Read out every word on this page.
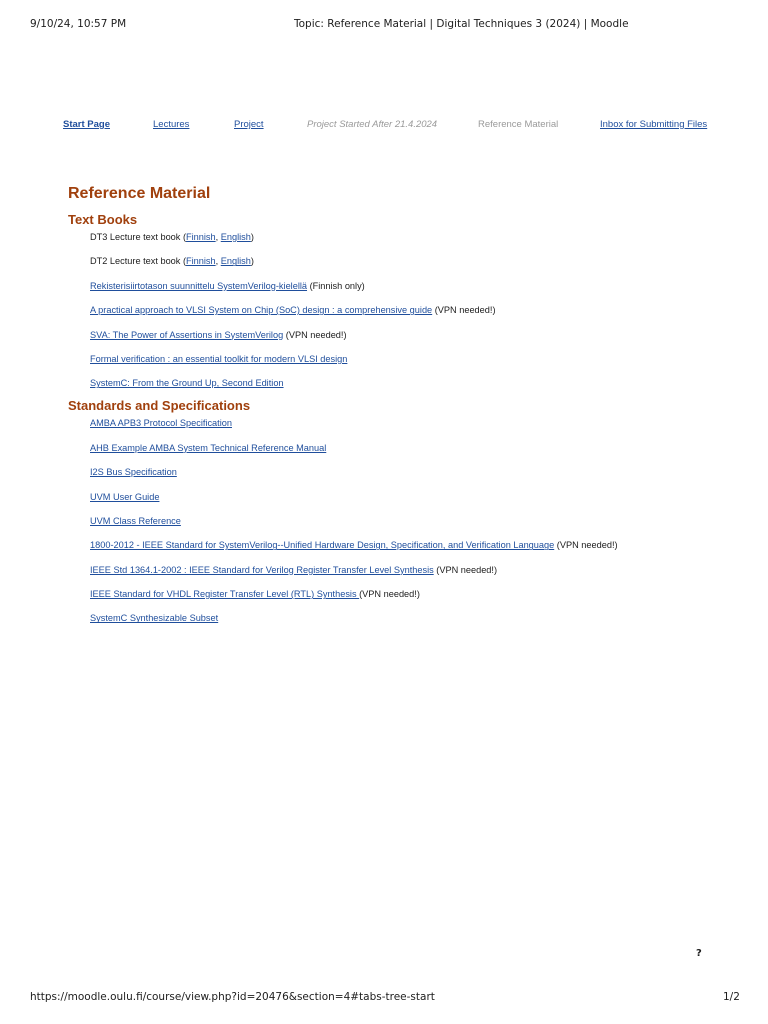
9/10/24, 10:57 PM	Topic: Reference Material | Digital Techniques 3 (2024) | Moodle
Start Page	Lectures	Project	Project Started After 21.4.2024	Reference Material	Inbox for Submitting Files
Reference Material
Text Books
DT3 Lecture text book (Finnish, English)
DT2 Lecture text book (Finnish, English)
Rekisterisiirtotason suunnittelu SystemVerilog-kielellä (Finnish only)
A practical approach to VLSI System on Chip (SoC) design : a comprehensive guide (VPN needed!)
SVA: The Power of Assertions in SystemVerilog (VPN needed!)
Formal verification : an essential toolkit for modern VLSI design
SystemC: From the Ground Up, Second Edition
Standards and Specifications
AMBA APB3 Protocol Specification
AHB Example AMBA System Technical Reference Manual
I2S Bus Specification
UVM User Guide
UVM Class Reference
1800-2012 - IEEE Standard for SystemVerilog--Unified Hardware Design, Specification, and Verification Language (VPN needed!)
IEEE Std 1364.1-2002 : IEEE Standard for Verilog Register Transfer Level Synthesis (VPN needed!)
IEEE Standard for VHDL Register Transfer Level (RTL) Synthesis (VPN needed!)
SystemC Synthesizable Subset
?
https://moodle.oulu.fi/course/view.php?id=20476&section=4#tabs-tree-start	1/2
